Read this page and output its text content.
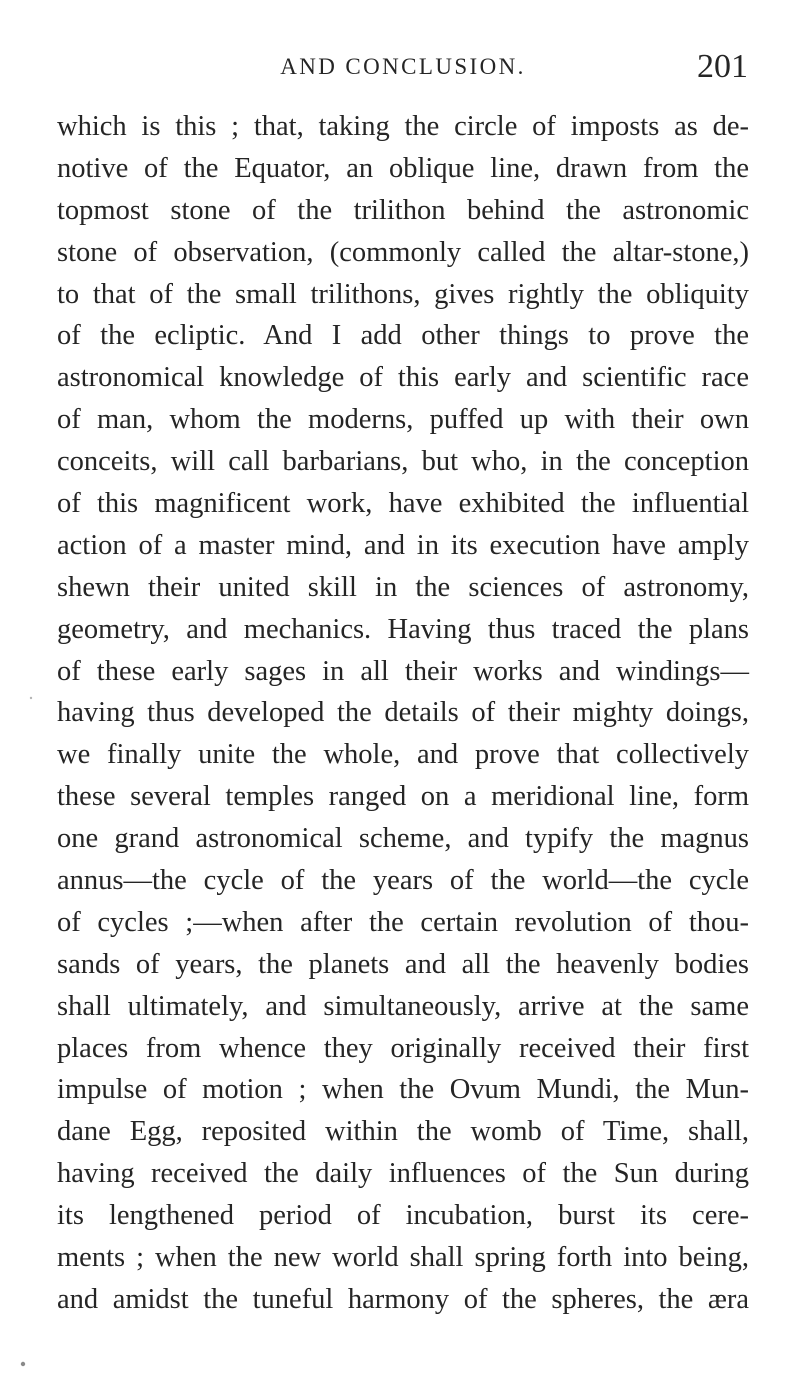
AND CONCLUSION.	201
which is this ; that, taking the circle of imposts as de-
notive of the Equator, an oblique line, drawn from the
topmost stone of the trilithon behind the astronomic
stone of observation, (commonly called the altar-stone,)
to that of the small trilithons, gives rightly the obliquity
of the ecliptic. And I add other things to prove the
astronomical knowledge of this early and scientific race
of man, whom the moderns, puffed up with their own
conceits, will call barbarians, but who, in the conception
of this magnificent work, have exhibited the influential
action of a master mind, and in its execution have amply
shewn their united skill in the sciences of astronomy,
geometry, and mechanics. Having thus traced the plans
of these early sages in all their works and windings—
having thus developed the details of their mighty doings,
we finally unite the whole, and prove that collectively
these several temples ranged on a meridional line, form
one grand astronomical scheme, and typify the magnus
annus—the cycle of the years of the world—the cycle
of cycles ;—when after the certain revolution of thou-
sands of years, the planets and all the heavenly bodies
shall ultimately, and simultaneously, arrive at the same
places from whence they originally received their first
impulse of motion ; when the Ovum Mundi, the Mun-
dane Egg, reposited within the womb of Time, shall,
having received the daily influences of the Sun during
its lengthened period of incubation, burst its cere-
ments ; when the new world shall spring forth into being,
and amidst the tuneful harmony of the spheres, the æra
